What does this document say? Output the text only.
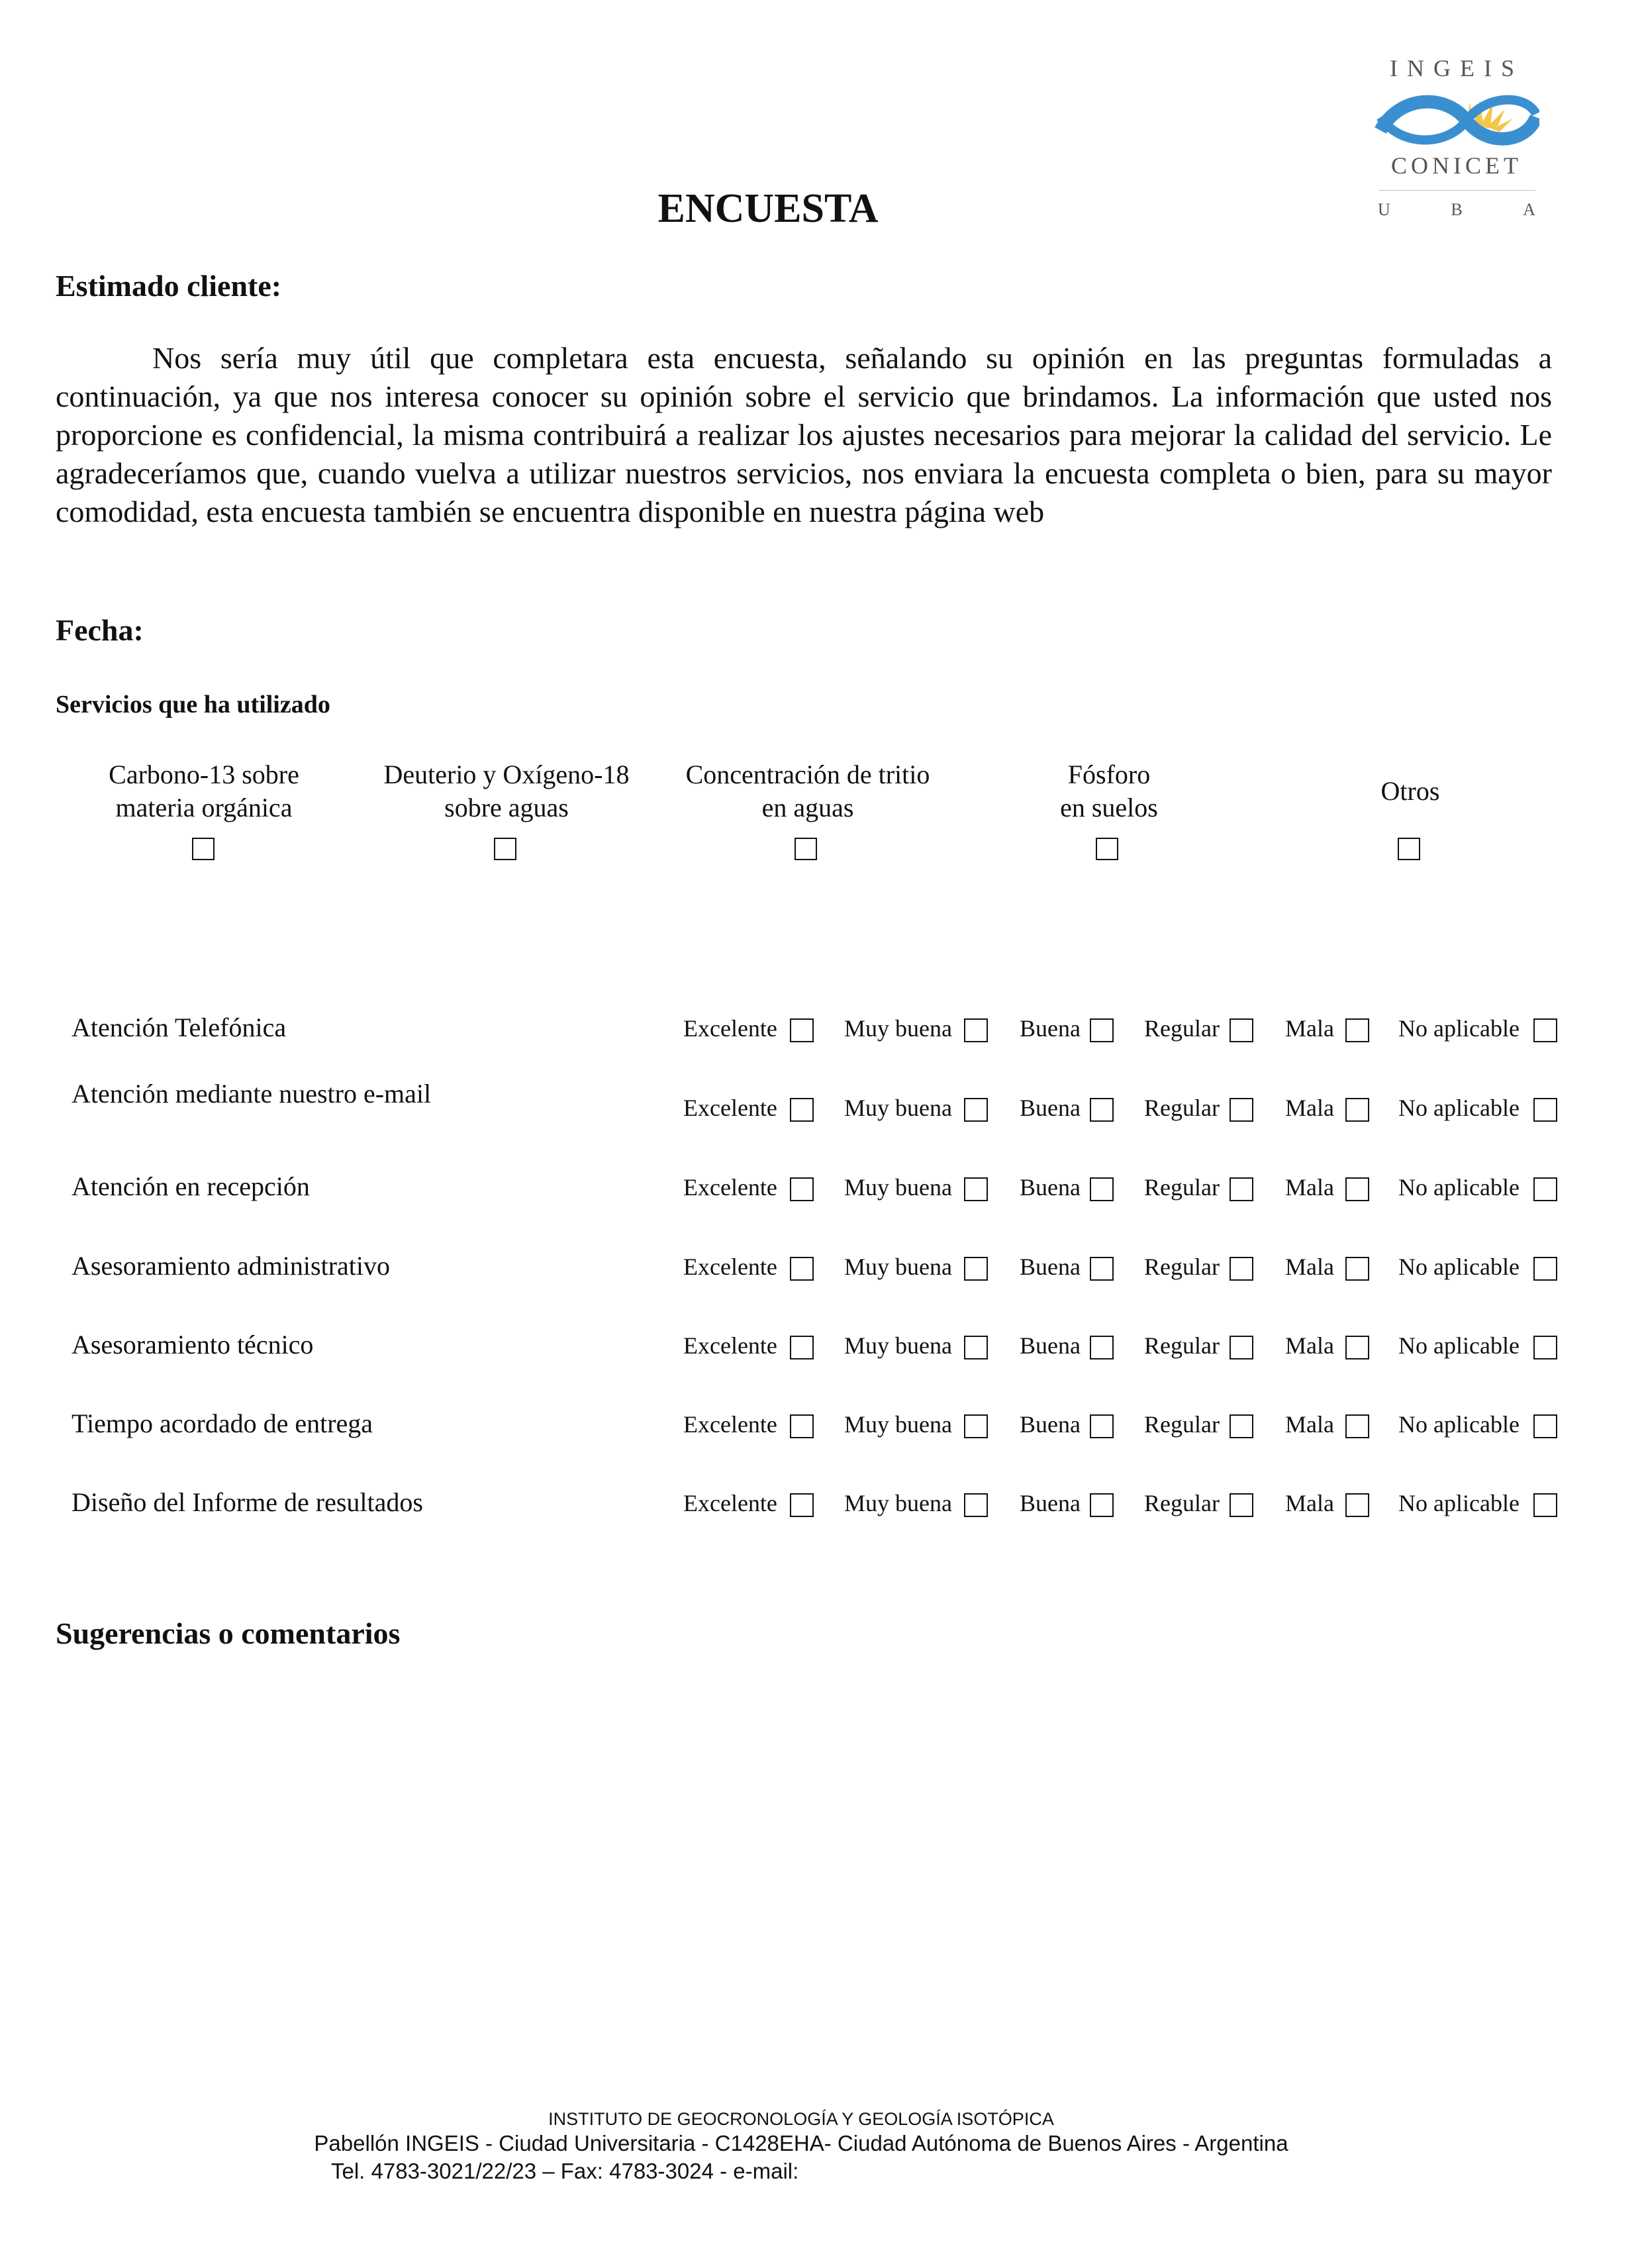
INGEIS
CONICET
U	B	A
ENCUESTA
Estimado cliente:

Nos sería muy útil que completara esta encuesta, señalando su opinión en las preguntas formuladas a continuación, ya que nos interesa conocer su opinión sobre el servicio que brindamos. La información que usted nos proporcione es confidencial, la misma contribuirá a realizar los ajustes necesarios para mejorar la calidad del servicio. Le agradeceríamos que, cuando vuelva a utilizar nuestros servicios, nos enviara la encuesta completa o bien, para su mayor comodidad, esta encuesta también se encuentra disponible en nuestra página web

Fecha:
Servicios que ha utilizado
Carbono-13 sobre
materia orgánica
Deuterio y Oxígeno-18
sobre aguas
Concentración de tritio
en aguas
Fósforo
en suelos
Otros
Atención Telefónica	Excelente	Muy buena	Buena	Regular	Mala	No aplicable
Atención mediante nuestro e-mail	Excelente	Muy buena	Buena	Regular	Mala	No aplicable
Atención en recepción	Excelente	Muy buena	Buena	Regular	Mala	No aplicable
Asesoramiento administrativo	Excelente	Muy buena	Buena	Regular	Mala	No aplicable
Asesoramiento técnico	Excelente	Muy buena	Buena	Regular	Mala	No aplicable
Tiempo acordado de entrega	Excelente	Muy buena	Buena	Regular	Mala	No aplicable
Diseño del Informe de resultados	Excelente	Muy buena	Buena	Regular	Mala	No aplicable
Sugerencias o comentarios
INSTITUTO DE GEOCRONOLOGÍA Y GEOLOGÍA ISOTÓPICA
Pabellón INGEIS - Ciudad Universitaria - C1428EHA- Ciudad Autónoma de Buenos Aires - Argentina
Tel. 4783-3021/22/23 – Fax: 4783-3024 - e-mail:
